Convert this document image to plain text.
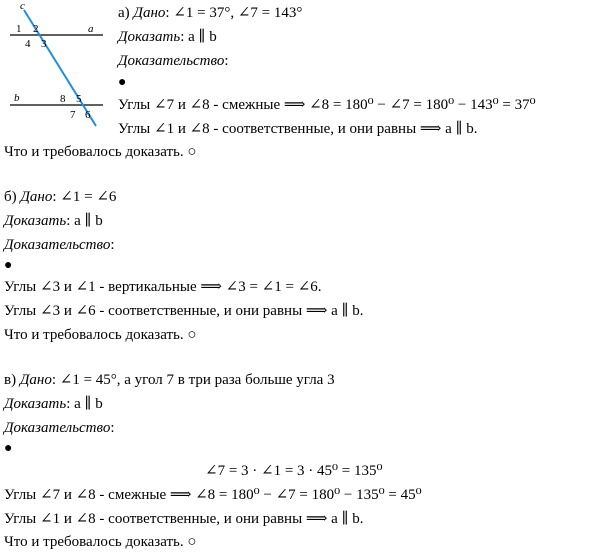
c
a
b
1 2
4 3
8 5
7 6
а) Дано: ∠1 = 37°, ∠7 = 143°
Доказать: a ∥ b
Доказательство:
●
Углы ∠7 и ∠8 - смежные ⟹ ∠8 = 180⁰ − ∠7 = 180⁰ − 143⁰ = 37⁰
Углы ∠1 и ∠8 - соответственные, и они равны ⟹ a ∥ b.
Что и требовалось доказать. ○
б) Дано: ∠1 = ∠6
Доказать: a ∥ b
Доказательство:
●
Углы ∠3 и ∠1 - вертикальные ⟹ ∠3 = ∠1 = ∠6.
Углы ∠3 и ∠6 - соответственные, и они равны ⟹ a ∥ b.
Что и требовалось доказать. ○
в) Дано: ∠1 = 45°, а угол 7 в три раза больше угла 3
Доказать: a ∥ b
Доказательство:
●
∠7 = 3 · ∠1 = 3 · 45⁰ = 135⁰
Углы ∠7 и ∠8 - смежные ⟹ ∠8 = 180⁰ − ∠7 = 180⁰ − 135⁰ = 45⁰
Углы ∠1 и ∠8 - соответственные, и они равны ⟹ a ∥ b.
Что и требовалось доказать. ○
